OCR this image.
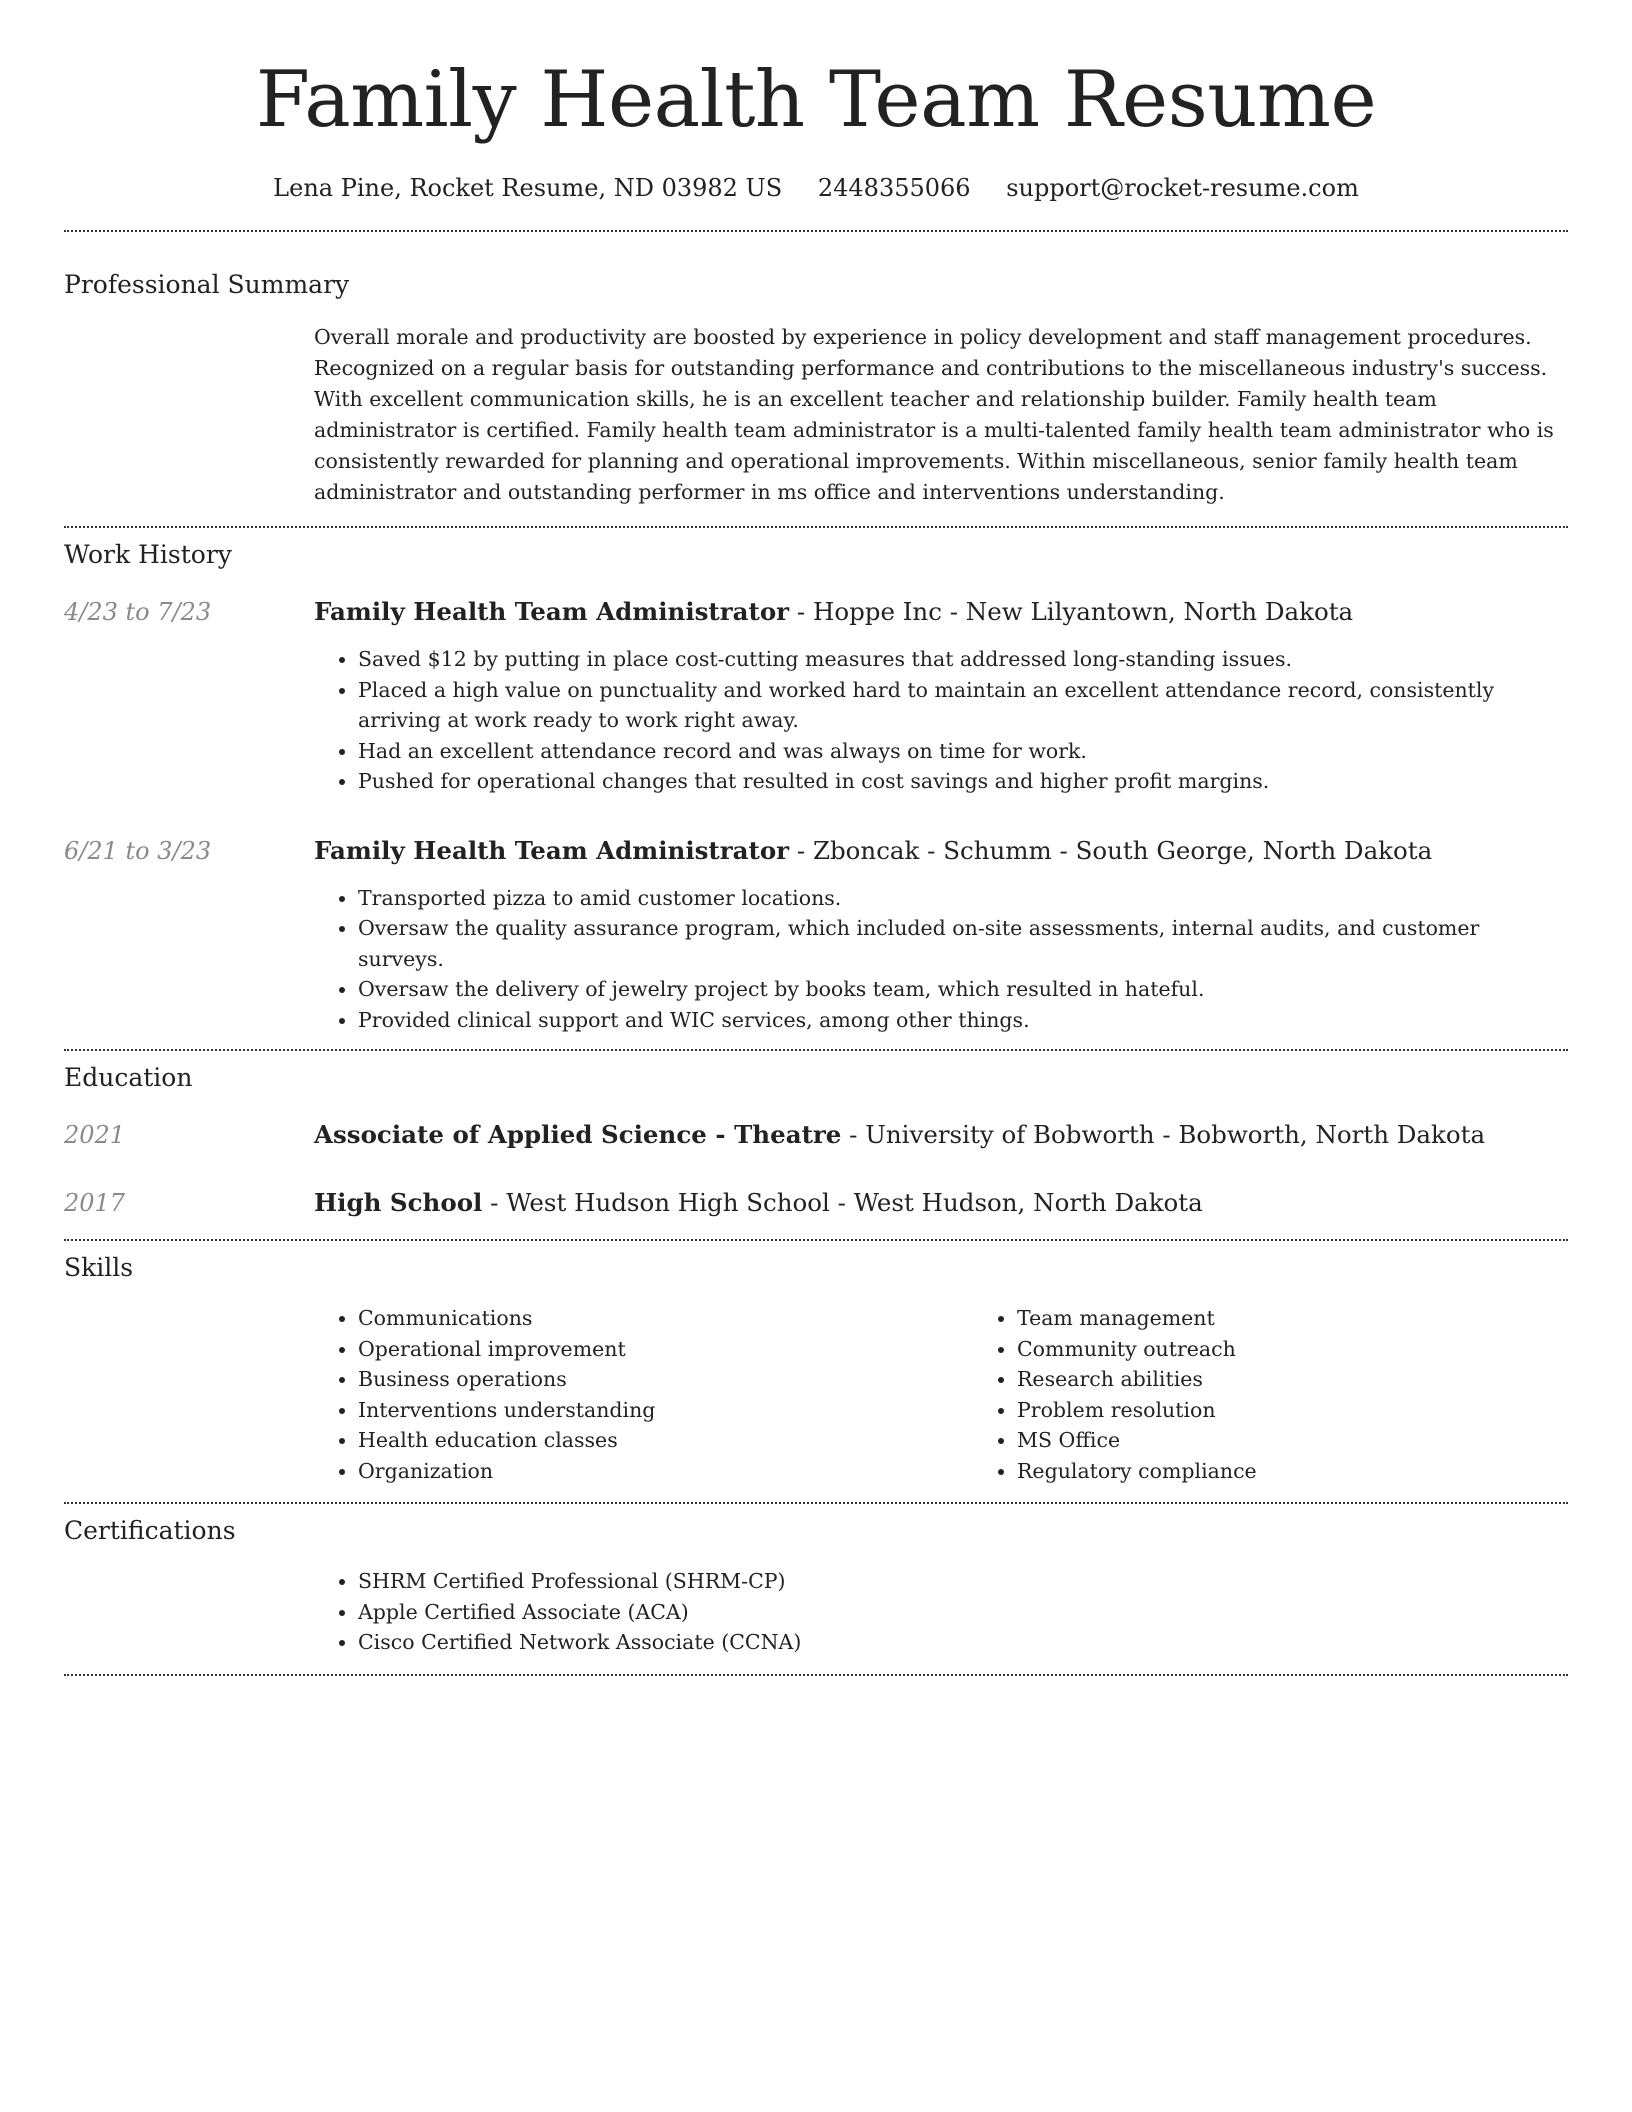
Family Health Team Resume
Lena Pine, Rocket Resume, ND 03982 US 2448355066 support@rocket-resume.com
Professional Summary

Overall morale and productivity are boosted by experience in policy development and staff management procedures. Recognized on a regular basis for outstanding performance and contributions to the miscellaneous industry's success. With excellent communication skills, he is an excellent teacher and relationship builder. Family health team administrator is certified. Family health team administrator is a multi-talented family health team administrator who is consistently rewarded for planning and operational improvements. Within miscellaneous, senior family health team administrator and outstanding performer in ms office and interventions understanding.

Work History
4/23 to 7/23	Family Health Team Administrator - Hoppe Inc - New Lilyantown, North Dakota

• Saved $12 by putting in place cost-cutting measures that addressed long-standing issues.
• Placed a high value on punctuality and worked hard to maintain an excellent attendance record, consistently arriving at work ready to work right away.
• Had an excellent attendance record and was always on time for work.
• Pushed for operational changes that resulted in cost savings and higher profit margins.
6/21 to 3/23	Family Health Team Administrator - Zboncak - Schumm - South George, North Dakota

• Transported pizza to amid customer locations.
• Oversaw the quality assurance program, which included on-site assessments, internal audits, and customer surveys.
• Oversaw the delivery of jewelry project by books team, which resulted in hateful.
• Provided clinical support and WIC services, among other things.
Education
2021	Associate of Applied Science - Theatre - University of Bobworth - Bobworth, North Dakota

2017	High School - West Hudson High School - West Hudson, North Dakota

Skills
• Communications
• Operational improvement
• Business operations
• Interventions understanding
• Health education classes
• Organization
• Team management
• Community outreach
• Research abilities
• Problem resolution
• MS Office
• Regulatory compliance
Certifications
• SHRM Certified Professional (SHRM-CP)
• Apple Certified Associate (ACA)
• Cisco Certified Network Associate (CCNA)
